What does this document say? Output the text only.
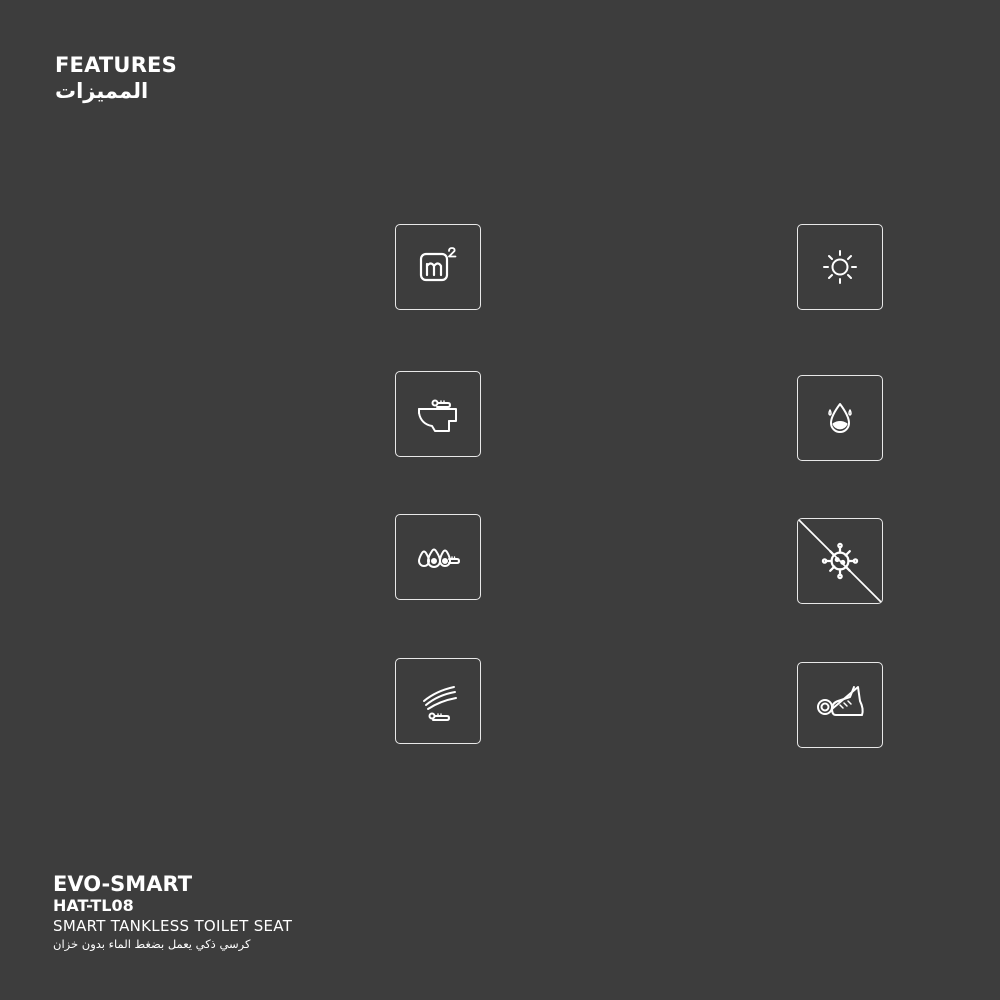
FEATURES
المميزات
EVO-SMART
HAT-TL08
SMART TANKLESS TOILET SEAT
كرسي ذكي يعمل بضغط الماء بدون خزان
